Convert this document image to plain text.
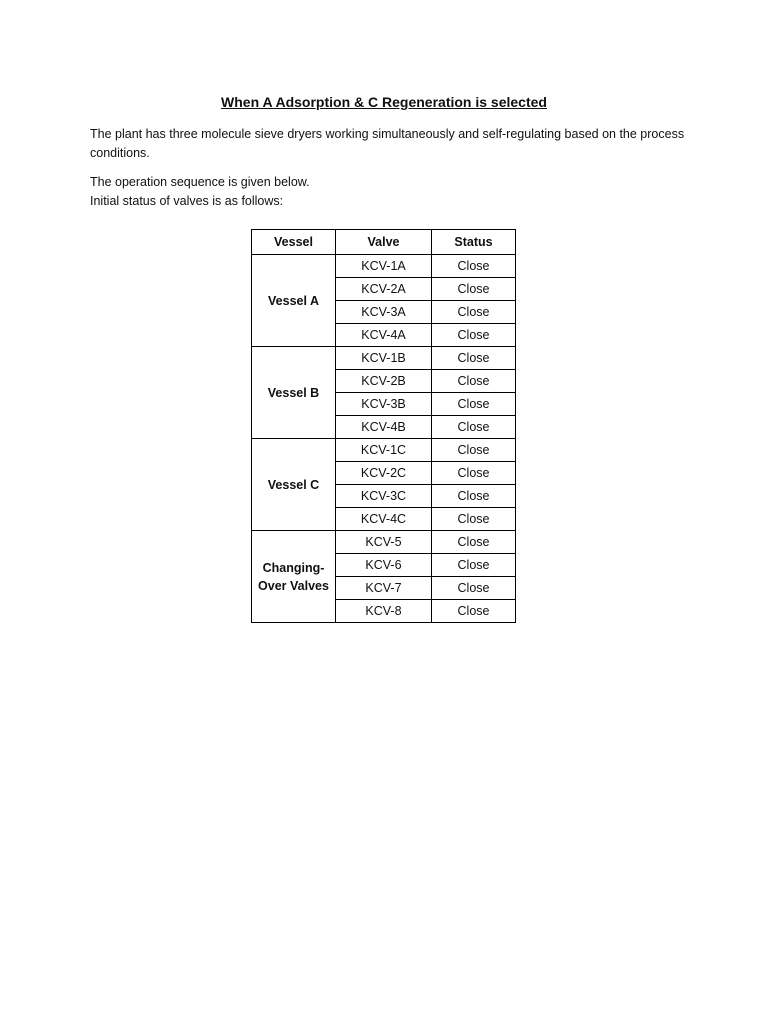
When A Adsorption & C Regeneration is selected
The plant has three molecule sieve dryers working simultaneously and self-regulating based on the process conditions.
The operation sequence is given below.
Initial status of valves is as follows:
Vessel	Valve	Status

Vessel A	KCV-1A	Close
	KCV-2A	Close
	KCV-3A	Close
	KCV-4A	Close

Vessel B	KCV-1B	Close
	KCV-2B	Close
	KCV-3B	Close
	KCV-4B	Close

Vessel C	KCV-1C	Close
	KCV-2C	Close
	KCV-3C	Close
	KCV-4C	Close

Changing-
Over Valves	KCV-5	Close
	KCV-6	Close
	KCV-7	Close
	KCV-8	Close
